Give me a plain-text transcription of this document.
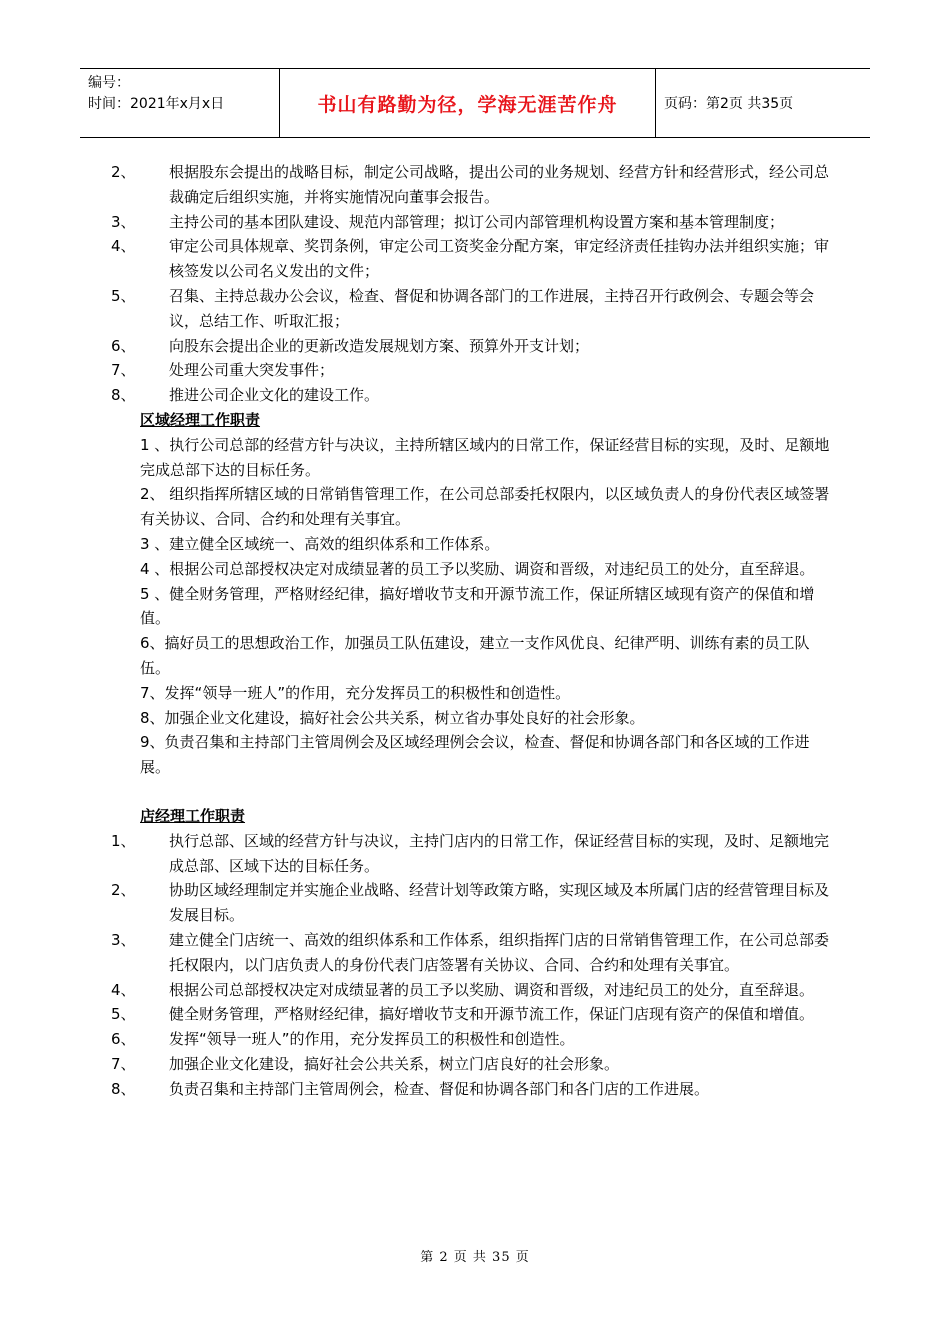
编号：
时间：2021年x月x日	书山有路勤为径，学海无涯苦作舟	页码：第2页 共35页

2、 根据股东会提出的战略目标，制定公司战略，提出公司的业务规划、经营方针和经营形式，经公司总裁确定后组织实施，并将实施情况向董事会报告。

3、 主持公司的基本团队建设、规范内部管理；拟订公司内部管理机构设置方案和基本管理制度；

4、 审定公司具体规章、奖罚条例，审定公司工资奖金分配方案，审定经济责任挂钩办法并组织实施；审核签发以公司名义发出的文件；

5、 召集、主持总裁办公会议，检查、督促和协调各部门的工作进展，主持召开行政例会、专题会等会议，总结工作、听取汇报；

6、 向股东会提出企业的更新改造发展规划方案、预算外开支计划；

7、 处理公司重大突发事件；

8、 推进公司企业文化的建设工作。

区域经理工作职责

1 、执行公司总部的经营方针与决议，主持所辖区域内的日常工作，保证经营目标的实现，及时、足额地完成总部下达的目标任务。

2、 组织指挥所辖区域的日常销售管理工作，在公司总部委托权限内，以区域负责人的身份代表区域签署有关协议、合同、合约和处理有关事宜。

3 、建立健全区域统一、高效的组织体系和工作体系。

4 、根据公司总部授权决定对成绩显著的员工予以奖励、调资和晋级，对违纪员工的处分，直至辞退。

5 、健全财务管理，严格财经纪律，搞好增收节支和开源节流工作，保证所辖区域现有资产的保值和增值。

6、搞好员工的思想政治工作，加强员工队伍建设，建立一支作风优良、纪律严明、训练有素的员工队伍。

7、发挥“领导一班人”的作用，充分发挥员工的积极性和创造性。

8、加强企业文化建设，搞好社会公共关系，树立省办事处良好的社会形象。

9、负责召集和主持部门主管周例会及区域经理例会会议，检查、督促和协调各部门和各区域的工作进展。

店经理工作职责

1、 执行总部、区域的经营方针与决议，主持门店内的日常工作，保证经营目标的实现，及时、足额地完成总部、区域下达的目标任务。

2、 协助区域经理制定并实施企业战略、经营计划等政策方略，实现区域及本所属门店的经营管理目标及发展目标。

3、 建立健全门店统一、高效的组织体系和工作体系，组织指挥门店的日常销售管理工作，在公司总部委托权限内，以门店负责人的身份代表门店签署有关协议、合同、合约和处理有关事宜。

4、 根据公司总部授权决定对成绩显著的员工予以奖励、调资和晋级，对违纪员工的处分，直至辞退。

5、 健全财务管理，严格财经纪律，搞好增收节支和开源节流工作，保证门店现有资产的保值和增值。

6、 发挥“领导一班人”的作用，充分发挥员工的积极性和创造性。

7、 加强企业文化建设，搞好社会公共关系，树立门店良好的社会形象。

8、 负责召集和主持部门主管周例会，检查、督促和协调各部门和各门店的工作进展。

第 2 页 共 35 页
